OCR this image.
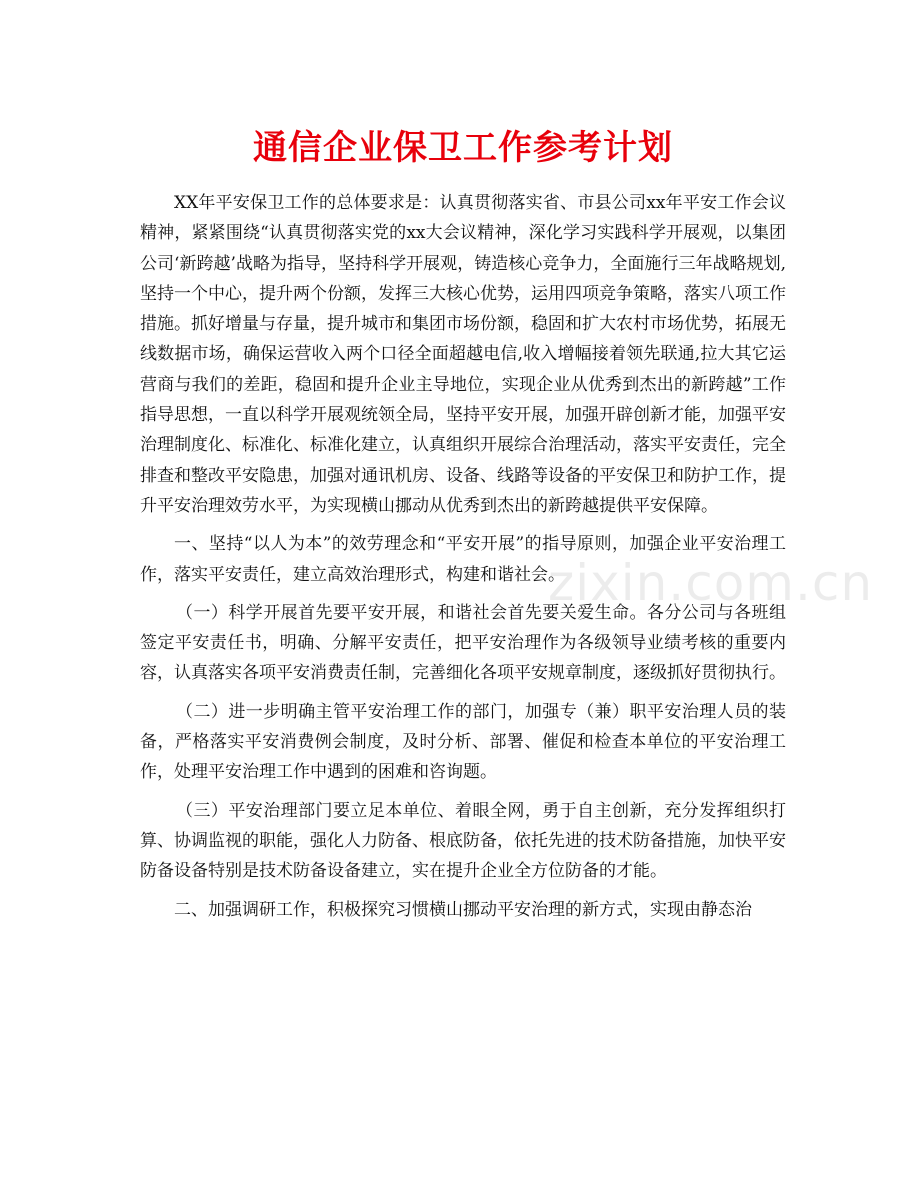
通信企业保卫工作参考计划

XX年平安保卫工作的总体要求是：认真贯彻落实省、市县公司xx年平安工作会议精神，紧紧围绕“认真贯彻落实党的xx大会议精神，深化学习实践科学开展观，以集团公司‘新跨越’战略为指导，坚持科学开展观，铸造核心竞争力，全面施行三年战略规划,坚持一个中心，提升两个份额，发挥三大核心优势，运用四项竞争策略，落实八项工作措施。抓好增量与存量，提升城市和集团市场份额，稳固和扩大农村市场优势，拓展无线数据市场，确保运营收入两个口径全面超越电信,收入增幅接着领先联通,拉大其它运营商与我们的差距，稳固和提升企业主导地位，实现企业从优秀到杰出的新跨越”工作指导思想，一直以科学开展观统领全局，坚持平安开展，加强开辟创新才能，加强平安治理制度化、标准化、标准化建立，认真组织开展综合治理活动，落实平安责任，完全排查和整改平安隐患，加强对通讯机房、设备、线路等设备的平安保卫和防护工作，提升平安治理效劳水平，为实现横山挪动从优秀到杰出的新跨越提供平安保障。

一、坚持“以人为本”的效劳理念和“平安开展”的指导原则，加强企业平安治理工作，落实平安责任，建立高效治理形式，构建和谐社会。

（一）科学开展首先要平安开展，和谐社会首先要关爱生命。各分公司与各班组签定平安责任书，明确、分解平安责任，把平安治理作为各级领导业绩考核的重要内容，认真落实各项平安消费责任制，完善细化各项平安规章制度，逐级抓好贯彻执行。

（二）进一步明确主管平安治理工作的部门，加强专（兼）职平安治理人员的装备，严格落实平安消费例会制度，及时分析、部署、催促和检查本单位的平安治理工作，处理平安治理工作中遇到的困难和咨询题。

（三）平安治理部门要立足本单位、着眼全网，勇于自主创新，充分发挥组织打算、协调监视的职能，强化人力防备、根底防备，依托先进的技术防备措施，加快平安防备设备特别是技术防备设备建立，实在提升企业全方位防备的才能。

二、加强调研工作，积极探究习惯横山挪动平安治理的新方式，实现由静态治

zixin.com.cn
